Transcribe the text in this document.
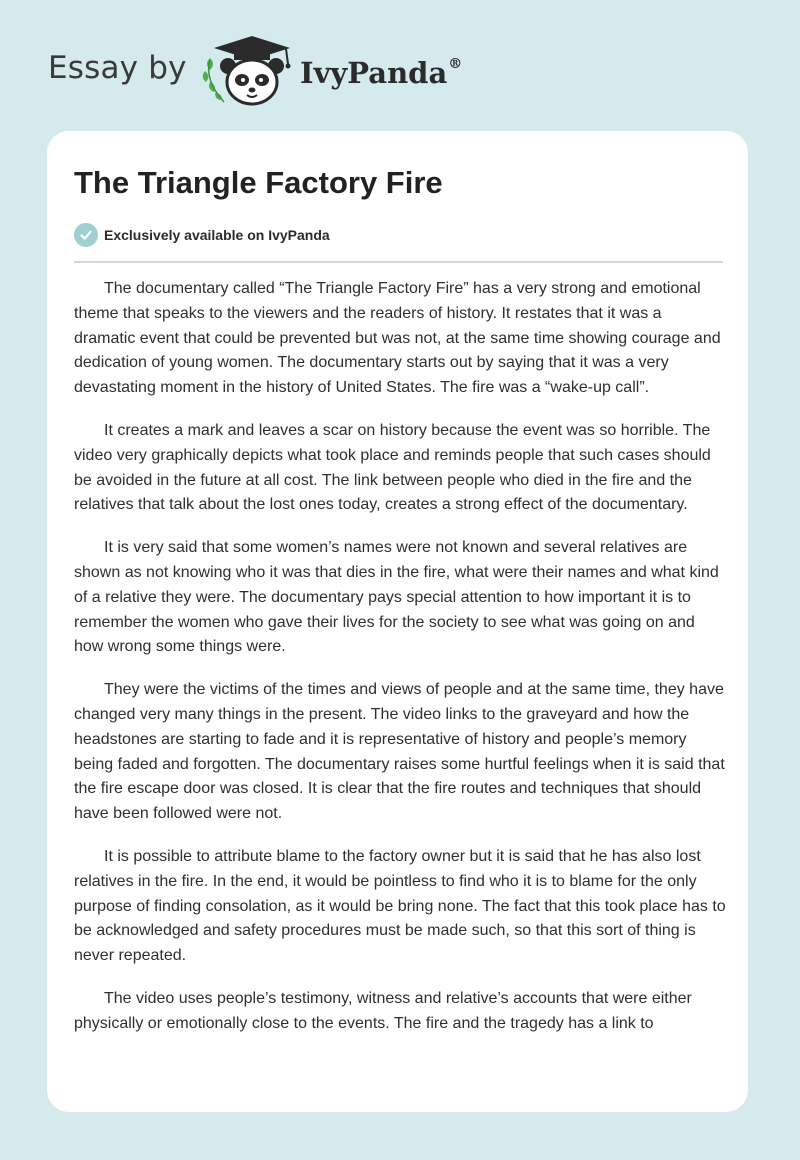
Essay by	IvyPanda®
The Triangle Factory Fire
Exclusively available on IvyPanda

The documentary called “The Triangle Factory Fire” has a very strong and emotional theme that speaks to the viewers and the readers of history. It restates that it was a dramatic event that could be prevented but was not, at the same time showing courage and dedication of young women. The documentary starts out by saying that it was a very devastating moment in the history of United States. The fire was a “wake-up call”.

It creates a mark and leaves a scar on history because the event was so horrible. The video very graphically depicts what took place and reminds people that such cases should be avoided in the future at all cost. The link between people who died in the fire and the relatives that talk about the lost ones today, creates a strong effect of the documentary.

It is very said that some women’s names were not known and several relatives are shown as not knowing who it was that dies in the fire, what were their names and what kind of a relative they were. The documentary pays special attention to how important it is to remember the women who gave their lives for the society to see what was going on and how wrong some things were.

They were the victims of the times and views of people and at the same time, they have changed very many things in the present. The video links to the graveyard and how the headstones are starting to fade and it is representative of history and people’s memory being faded and forgotten. The documentary raises some hurtful feelings when it is said that the fire escape door was closed. It is clear that the fire routes and techniques that should have been followed were not.

It is possible to attribute blame to the factory owner but it is said that he has also lost relatives in the fire. In the end, it would be pointless to find who it is to blame for the only purpose of finding consolation, as it would be bring none. The fact that this took place has to be acknowledged and safety procedures must be made such, so that this sort of thing is never repeated.

The video uses people’s testimony, witness and relative’s accounts that were either physically or emotionally close to the events. The fire and the tragedy has a link to
